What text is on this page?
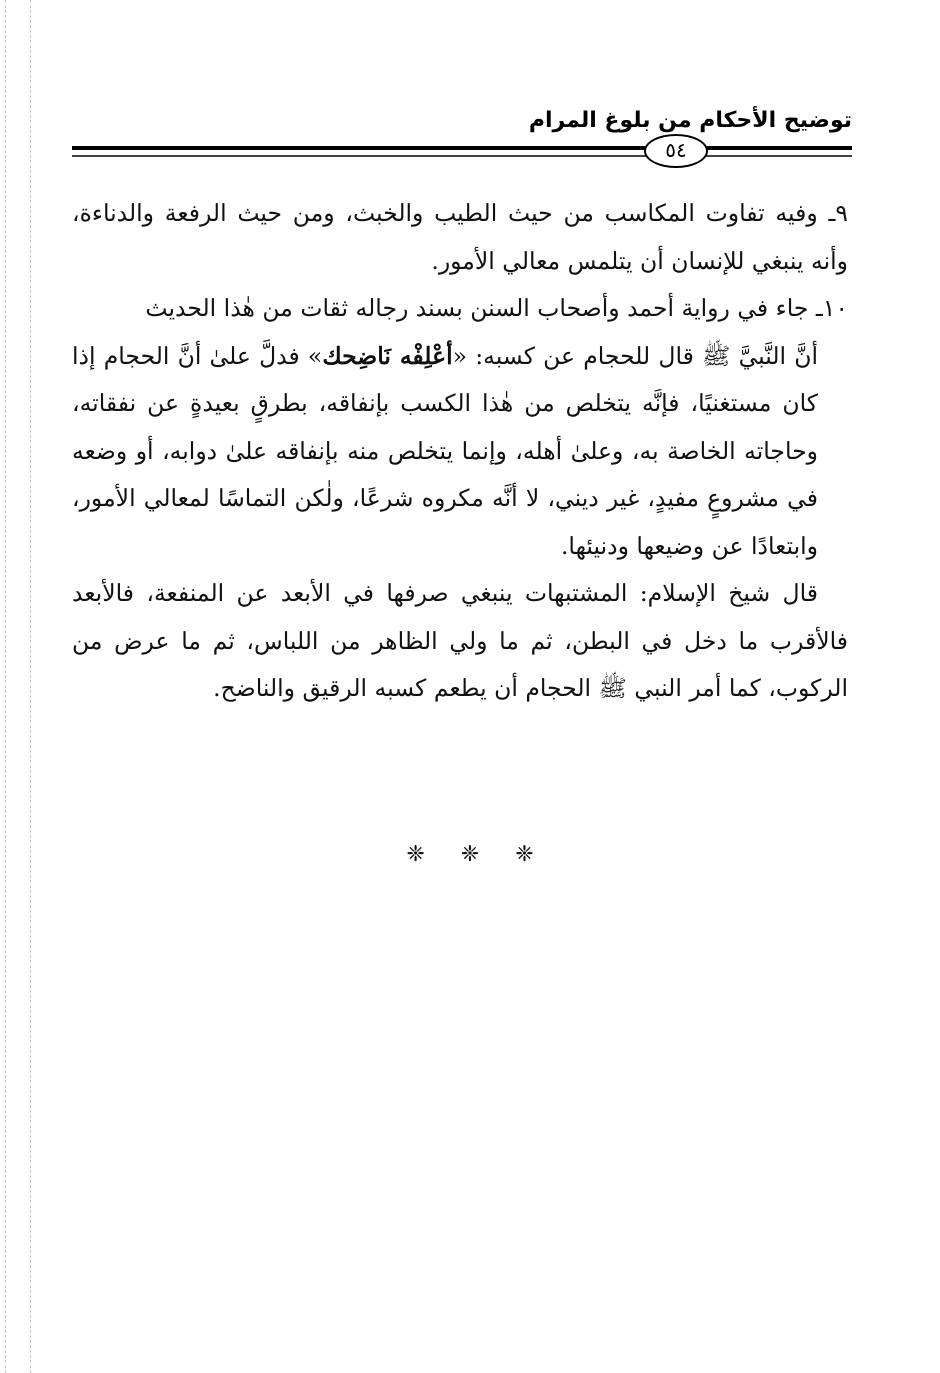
توضيح الأحكام من بلوغ المرام
٥٤

٩ـ وفيه تفاوت المكاسب من حيث الطيب والخبث، ومن حيث الرفعة والدناءة، وأنه ينبغي للإنسان أن يتلمس معالي الأمور.

١٠ـ جاء في رواية أحمد وأصحاب السنن بسند رجاله ثقات من هٰذا الحديث

أنَّ النَّبيَّ ﷺ قال للحجام عن كسبه: «أعْلِفْه نَاضِحك» فدلَّ علىٰ أنَّ الحجام إذا كان مستغنيًا، فإنَّه يتخلص من هٰذا الكسب بإنفاقه، بطرقٍ بعيدةٍ عن نفقاته، وحاجاته الخاصة به، وعلىٰ أهله، وإنما يتخلص منه بإنفاقه علىٰ دوابه، أو وضعه في مشروعٍ مفيدٍ، غير ديني، لا أنَّه مكروه شرعًا، ولٰكن التماسًا لمعالي الأمور، وابتعادًا عن وضيعها ودنيئها.

قال شيخ الإسلام: المشتبهات ينبغي صرفها في الأبعد عن المنفعة، فالأبعد فالأقرب ما دخل في البطن، ثم ما ولي الظاهر من اللباس، ثم ما عرض من الركوب، كما أمر النبي ﷺ الحجام أن يطعم كسبه الرقيق والناضح.

❈ ❈ ❈
